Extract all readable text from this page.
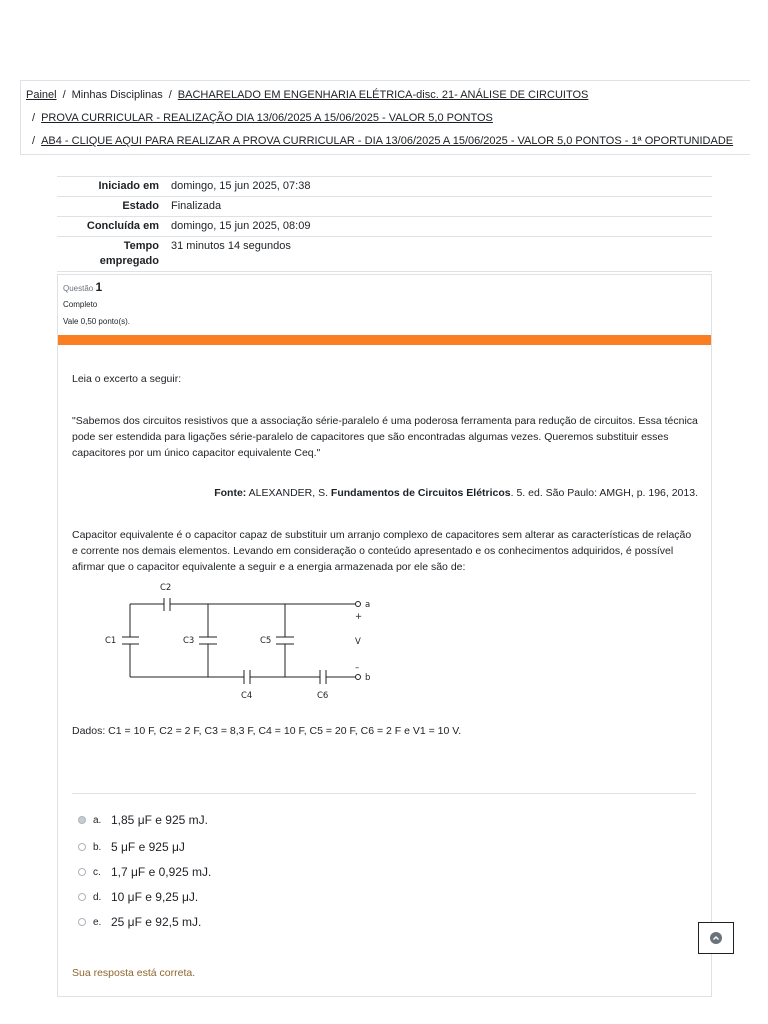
Painel / Minhas Disciplinas / BACHARELADO EM ENGENHARIA ELÉTRICA-disc. 21- ANÁLISE DE CIRCUITOS
/ PROVA CURRICULAR - REALIZAÇÃO DIA 13/06/2025 A 15/06/2025 - VALOR 5,0 PONTOS
/ AB4 - CLIQUE AQUI PARA REALIZAR A PROVA CURRICULAR - DIA 13/06/2025 A 15/06/2025 - VALOR 5,0 PONTOS - 1ª OPORTUNIDADE
Iniciado em	domingo, 15 jun 2025, 07:38
Estado	Finalizada
Concluída em	domingo, 15 jun 2025, 08:09
Tempo
empregado	31 minutos 14 segundos
Questão 1
Completo
Vale 0,50 ponto(s).
Leia o excerto a seguir:
"Sabemos dos circuitos resistivos que a associação série-paralelo é uma poderosa ferramenta para redução de circuitos. Essa técnica pode ser estendida para ligações série-paralelo de capacitores que são encontradas algumas vezes. Queremos substituir esses capacitores por um único capacitor equivalente Ceq."
Fonte: ALEXANDER, S. Fundamentos de Circuitos Elétricos. 5. ed. São Paulo: AMGH, p. 196, 2013.
Capacitor equivalente é o capacitor capaz de substituir um arranjo complexo de capacitores sem alterar as características de relação e corrente nos demais elementos. Levando em consideração o conteúdo apresentado e os conhecimentos adquiridos, é possível afirmar que o capacitor equivalente a seguir e a energia armazenada por ele são de:
C2
C1	C3	C5
C4	C6
a
b
+
V
–
Dados: C1 = 10 F, C2 = 2 F, C3 = 8,3 F, C4 = 10 F, C5 = 20 F, C6 = 2 F e V1 = 10 V.
a. 1,85 μF e 925 mJ.
b. 5 μF e 925 μJ
c. 1,7 μF e 0,925 mJ.
d. 10 μF e 9,25 μJ.
e. 25 μF e 92,5 mJ.
Sua resposta está correta.
